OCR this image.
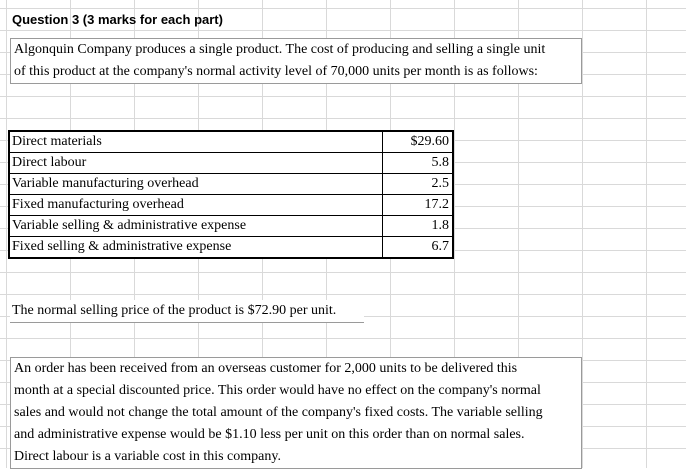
Question 3 (3 marks for each part)
Algonquin Company produces a single product. The cost of producing and selling a single unit
of this product at the company's normal activity level of 70,000 units per month is as follows:
Direct materials	$29.60
Direct labour	5.8
Variable manufacturing overhead	2.5
Fixed manufacturing overhead	17.2
Variable selling & administrative expense	1.8
Fixed selling & administrative expense	6.7
The normal selling price of the product is $72.90 per unit.
An order has been received from an overseas customer for 2,000 units to be delivered this
month at a special discounted price. This order would have no effect on the company's normal
sales and would not change the total amount of the company's fixed costs. The variable selling
and administrative expense would be $1.10 less per unit on this order than on normal sales.
Direct labour is a variable cost in this company.
